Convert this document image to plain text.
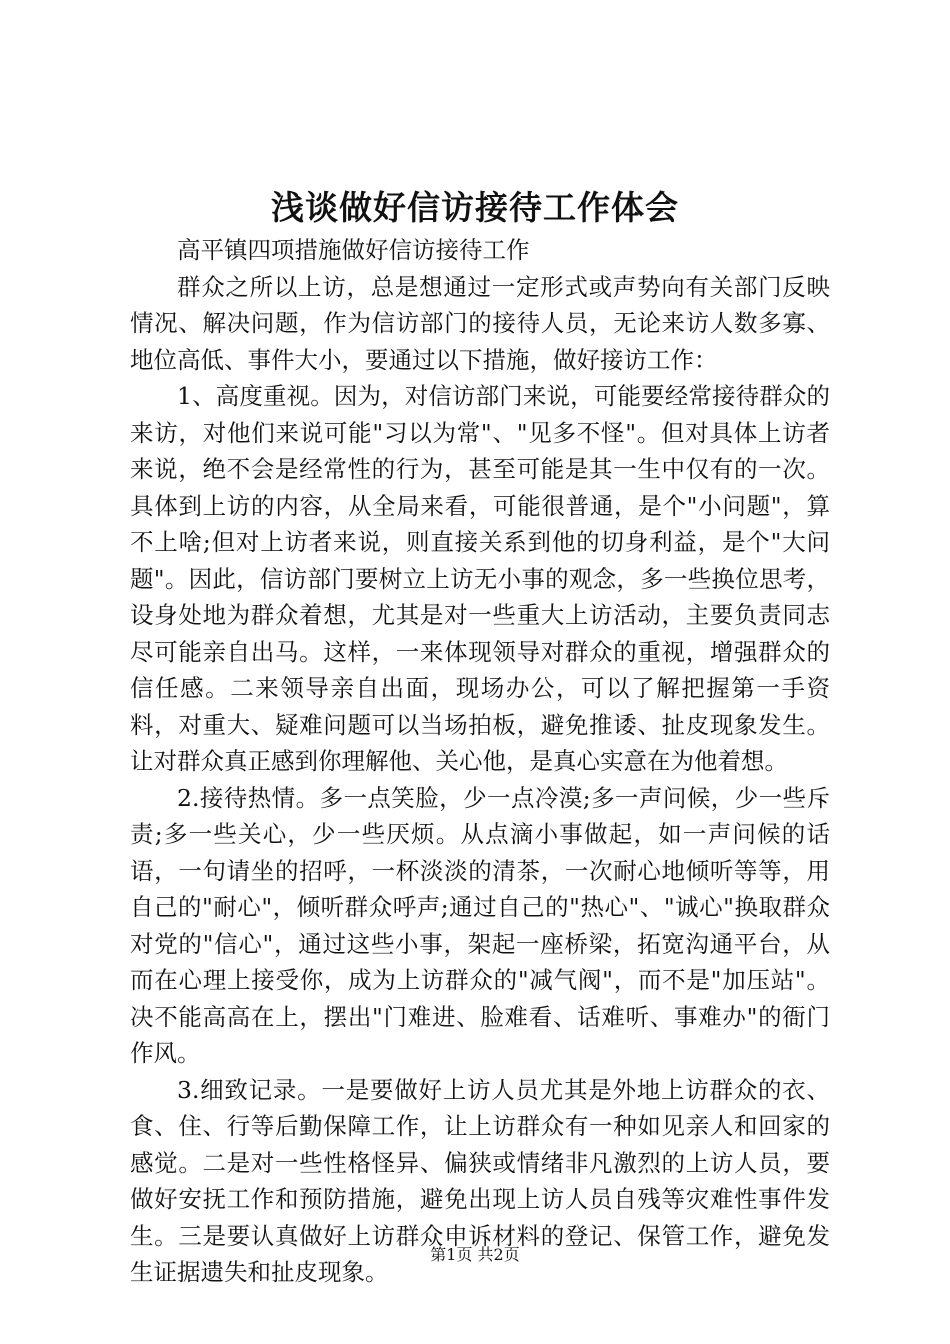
浅谈做好信访接待工作体会

高平镇四项措施做好信访接待工作

群众之所以上访，总是想通过一定形式或声势向有关部门反映情况、解决问题，作为信访部门的接待人员，无论来访人数多寡、地位高低、事件大小，要通过以下措施，做好接访工作：

1、高度重视。因为，对信访部门来说，可能要经常接待群众的来访，对他们来说可能"习以为常"、"见多不怪"。但对具体上访者来说，绝不会是经常性的行为，甚至可能是其一生中仅有的一次。具体到上访的内容，从全局来看，可能很普通，是个"小问题"，算不上啥;但对上访者来说，则直接关系到他的切身利益，是个"大问题"。因此，信访部门要树立上访无小事的观念，多一些换位思考，设身处地为群众着想，尤其是对一些重大上访活动，主要负责同志尽可能亲自出马。这样，一来体现领导对群众的重视，增强群众的信任感。二来领导亲自出面，现场办公，可以了解把握第一手资料，对重大、疑难问题可以当场拍板，避免推诿、扯皮现象发生。让对群众真正感到你理解他、关心他，是真心实意在为他着想。

2.接待热情。多一点笑脸，少一点冷漠;多一声问候，少一些斥责;多一些关心，少一些厌烦。从点滴小事做起，如一声问候的话语，一句请坐的招呼，一杯淡淡的清茶，一次耐心地倾听等等，用自己的"耐心"，倾听群众呼声;通过自己的"热心"、"诚心"换取群众对党的"信心"，通过这些小事，架起一座桥梁，拓宽沟通平台，从而在心理上接受你，成为上访群众的"减气阀"，而不是"加压站"。决不能高高在上，摆出"门难进、脸难看、话难听、事难办"的衙门作风。

3.细致记录。一是要做好上访人员尤其是外地上访群众的衣、食、住、行等后勤保障工作，让上访群众有一种如见亲人和回家的感觉。二是对一些性格怪异、偏狭或情绪非凡激烈的上访人员，要做好安抚工作和预防措施，避免出现上访人员自残等灾难性事件发生。三是要认真做好上访群众申诉材料的登记、保管工作，避免发生证据遗失和扯皮现象。

第1页 共2页
